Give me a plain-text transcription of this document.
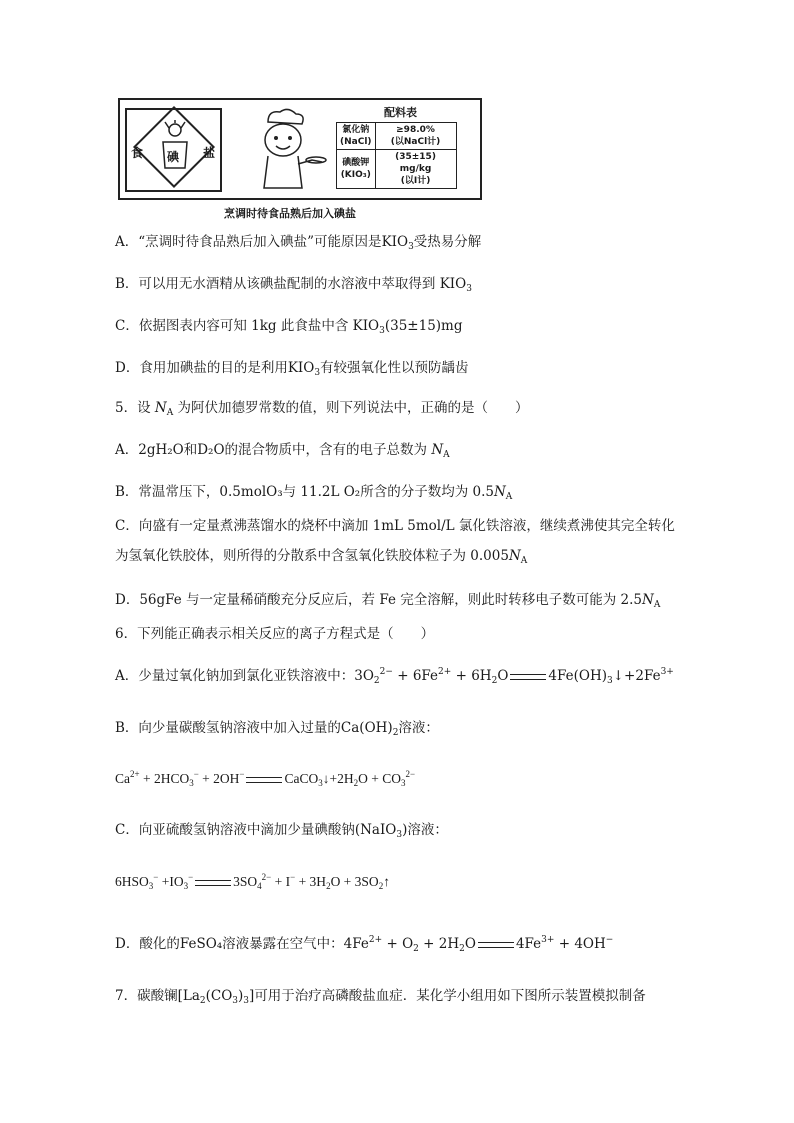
食 碘 盐
配料表
氯化钠
(NaCl)	≥98.0%
(以NaCl计)
碘酸钾
(KIO₃)	(35±15) mg/kg
(以I计)
烹调时待食品熟后加入碘盐
A．“烹调时待食品熟后加入碘盐”可能原因是$KIO_3$受热易分解
B．可以用无水酒精从该碘盐配制的水溶液中萃取得到 $KIO_3$
C．依据图表内容可知 1kg 此食盐中含 $KIO_3(35\pm 15)mg$
D．食用加碘盐的目的是利用$KIO_3$有较强氧化性以预防龋齿
5．设 $N_A$ 为阿伏加德罗常数的值，则下列说法中，正确的是（　　）
A．2gH₂O和D₂O的混合物质中，含有的电子总数为 $N_A$
B．常温常压下，0.5molO₃与 11.2L O₂所含的分子数均为 $0.5N_A$
C．向盛有一定量煮沸蒸馏水的烧杯中滴加 1mL 5mol/L 氯化铁溶液，继续煮沸使其完全转化
为氢氧化铁胶体，则所得的分散系中含氢氧化铁胶体粒子为 $0.005N_A$
D．56gFe 与一定量稀硝酸充分反应后，若 Fe 完全溶解，则此时转移电子数可能为 $2.5N_A$
6．下列能正确表示相关反应的离子方程式是（　　）
A．少量过氧化钠加到氯化亚铁溶液中：$3O_2^{2-} + 6Fe^{2+} + 6H_2O$	$4Fe(OH)_3↓+2Fe^{3+}$
B．向少量碳酸氢钠溶液中加入过量的$Ca(OH)_2$溶液：
$Ca^{2+} + 2HCO_3^- + 2OH^-$	$CaCO_3↓+2H_2O + CO_3^{2-}$
C．向亚硫酸氢钠溶液中滴加少量碘酸钠(NaIO$_3$)溶液：
$6HSO_3^- +IO_3^-$	$3SO_4^{2-} + I^- + 3H_2O$ + $3SO_2↑$
D．酸化的FeSO₄溶液暴露在空气中：$4Fe^{2+} + O_2 + 2H_2O$	$4Fe^{3+} + 4OH^-$
7．碳酸镧$[La_2(CO_3)_3]$可用于治疗高磷酸盐血症．某化学小组用如下图所示装置模拟制备
